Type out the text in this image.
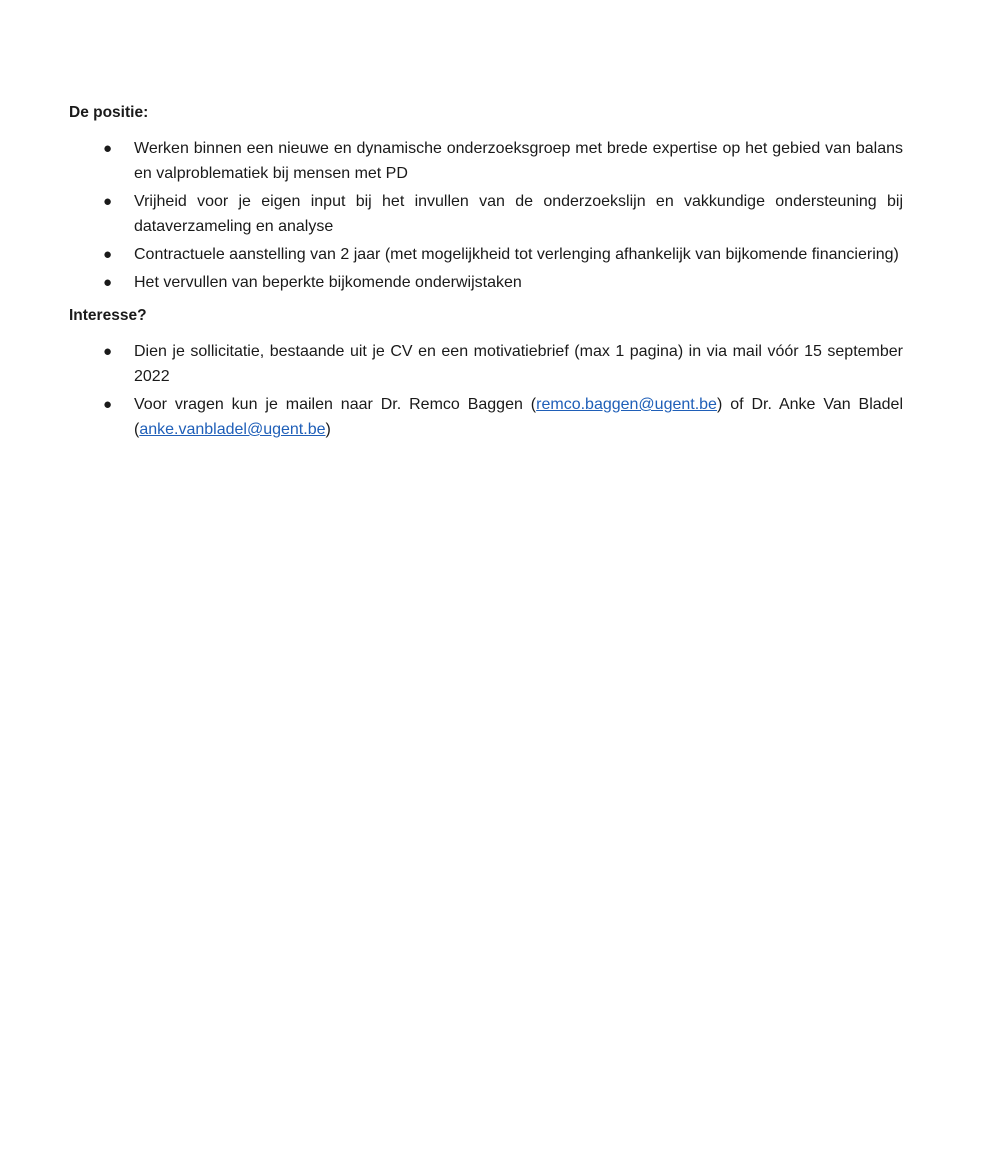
De positie:

● Werken binnen een nieuwe en dynamische onderzoeksgroep met brede expertise op het gebied van balans en valproblematiek bij mensen met PD
● Vrijheid voor je eigen input bij het invullen van de onderzoekslijn en vakkundige ondersteuning bij dataverzameling en analyse
● Contractuele aanstelling van 2 jaar (met mogelijkheid tot verlenging afhankelijk van bijkomende financiering)
● Het vervullen van beperkte bijkomende onderwijstaken

Interesse?

● Dien je sollicitatie, bestaande uit je CV en een motivatiebrief (max 1 pagina) in via mail vóór 15 september 2022
● Voor vragen kun je mailen naar Dr. Remco Baggen (remco.baggen@ugent.be) of Dr. Anke Van Bladel (anke.vanbladel@ugent.be)
